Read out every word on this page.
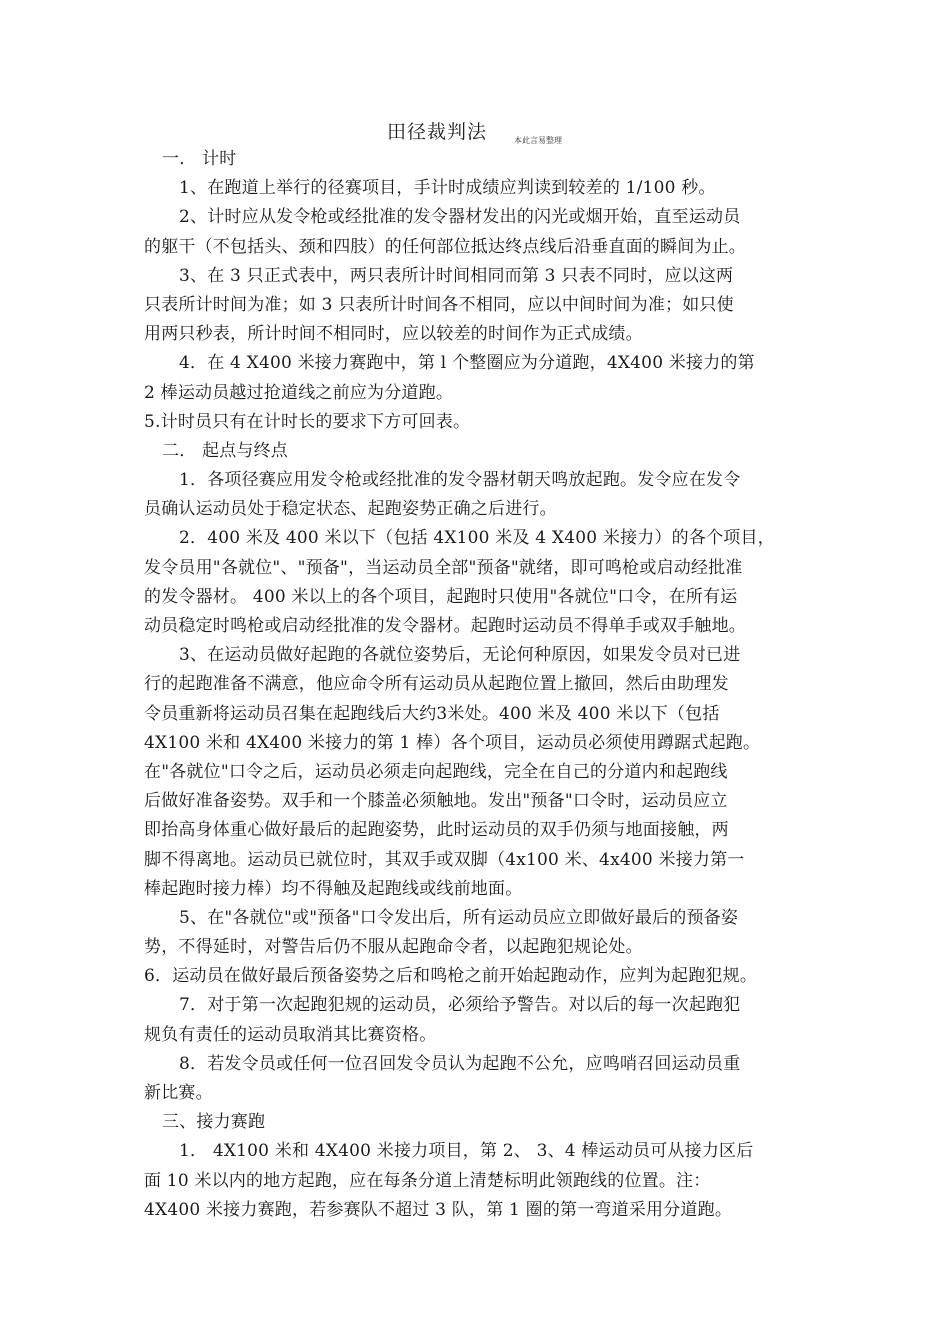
田径裁判法	本此言易整理
一． 计时
1、在跑道上举行的径赛项目，手计时成绩应判读到较差的 1/100 秒。
2、计时应从发令枪或经批准的发令器材发出的闪光或烟开始，直至运动员
的躯干（不包括头、颈和四肢）的任何部位抵达终点线后沿垂直面的瞬间为止。
3、在 3 只正式表中，两只表所计时间相同而第 3 只表不同时，应以这两
只表所计时间为准；如 3 只表所计时间各不相同，应以中间时间为准；如只使
用两只秒表，所计时间不相同时，应以较差的时间作为正式成绩。
4．在 4 X400 米接力赛跑中，第 l 个整圈应为分道跑，4X400 米接力的第
2 棒运动员越过抢道线之前应为分道跑。
5.计时员只有在计时长的要求下方可回表。
二． 起点与终点
1．各项径赛应用发令枪或经批准的发令器材朝天鸣放起跑。发令应在发令
员确认运动员处于稳定状态、起跑姿势正确之后进行。
2．400 米及 400 米以下（包括 4X100 米及 4 X400 米接力）的各个项目，
发令员用"各就位"、"预备"，当运动员全部"预备"就绪，即可鸣枪或启动经批准
的发令器材。 400 米以上的各个项目，起跑时只使用"各就位"口令，在所有运
动员稳定时鸣枪或启动经批准的发令器材。起跑时运动员不得单手或双手触地。
3、在运动员做好起跑的各就位姿势后，无论何种原因，如果发令员对已进
行的起跑准备不满意，他应命令所有运动员从起跑位置上撤回，然后由助理发
令员重新将运动员召集在起跑线后大约3米处。400 米及 400 米以下（包括
4X100 米和 4X400 米接力的第 1 棒）各个项目，运动员必须使用蹲踞式起跑。
在"各就位"口令之后，运动员必须走向起跑线，完全在自己的分道内和起跑线
后做好准备姿势。双手和一个膝盖必须触地。发出"预备"口令时，运动员应立
即抬高身体重心做好最后的起跑姿势，此时运动员的双手仍须与地面接触，两
脚不得离地。运动员已就位时，其双手或双脚（4x100 米、4x400 米接力第一
棒起跑时接力棒）均不得触及起跑线或线前地面。
5、在"各就位"或"预备"口令发出后，所有运动员应立即做好最后的预备姿
势，不得延时，对警告后仍不服从起跑命令者，以起跑犯规论处。
6．运动员在做好最后预备姿势之后和鸣枪之前开始起跑动作，应判为起跑犯规。
7．对于第一次起跑犯规的运动员，必须给予警告。对以后的每一次起跑犯
规负有责任的运动员取消其比赛资格。
8．若发令员或任何一位召回发令员认为起跑不公允，应鸣哨召回运动员重
新比赛。
三、接力赛跑
1． 4X100 米和 4X400 米接力项目，第 2、 3、4 棒运动员可从接力区后
面 10 米以内的地方起跑，应在每条分道上清楚标明此领跑线的位置。注：
4X400 米接力赛跑，若参赛队不超过 3 队，第 1 圈的第一弯道采用分道跑。
